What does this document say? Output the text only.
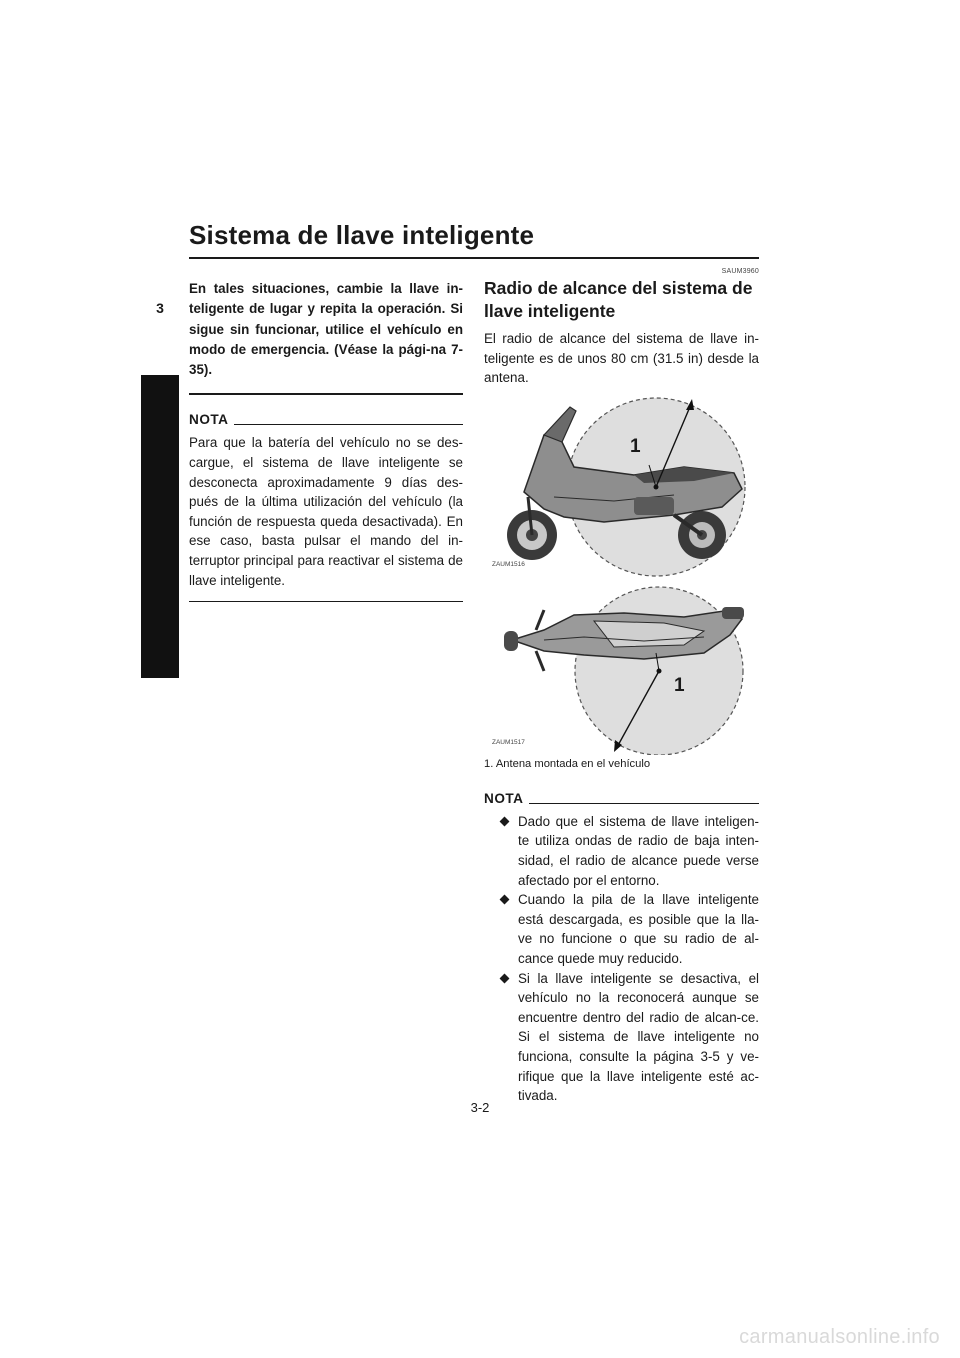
Sistema de llave inteligente
3

En tales situaciones, cambie la llave in-teligente de lugar y repita la operación. Si sigue sin funcionar, utilice el vehículo en modo de emergencia. (Véase la pági-na 7-35).

NOTA

Para que la batería del vehículo no se des-cargue, el sistema de llave inteligente se desconecta aproximadamente 9 días des-pués de la última utilización del vehículo (la función de respuesta queda desactivada). En ese caso, basta pulsar el mando del in-terruptor principal para reactivar el sistema de llave inteligente.

SAUM3960
Radio de alcance del sistema de llave inteligente

El radio de alcance del sistema de llave in-teligente es de unos 80 cm (31.5 in) desde la antena.

1
ZAUM1516
1
ZAUM1517

1. Antena montada en el vehículo

NOTA
Dado que el sistema de llave inteligen-te utiliza ondas de radio de baja inten-sidad, el radio de alcance puede verse afectado por el entorno.
Cuando la pila de la llave inteligente está descargada, es posible que la lla-ve no funcione o que su radio de al-cance quede muy reducido.
Si la llave inteligente se desactiva, el vehículo no la reconocerá aunque se encuentre dentro del radio de alcan-ce. Si el sistema de llave inteligente no funciona, consulte la página 3-5 y ve-rifique que la llave inteligente esté ac-tivada.
3-2
carmanualsonline.info
